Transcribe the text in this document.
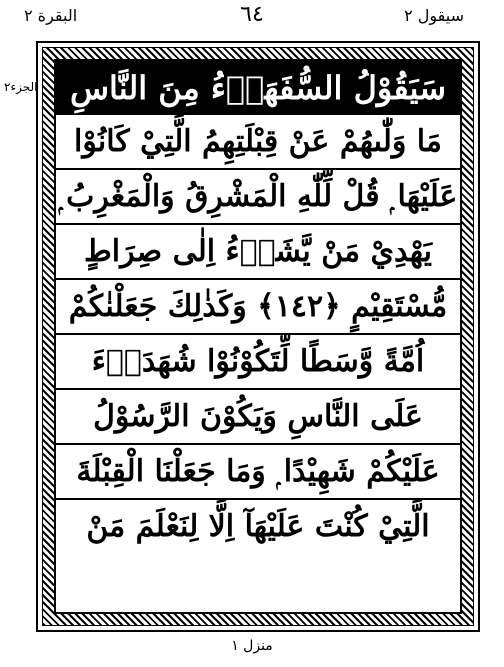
البقرة ٢	٦٤	سیقول ٢
الجزء٢	سَيَقُوْلُ السُّفَهَاۗءُ مِنَ النَّاسِ
مَا وَلّٰىهُمْ عَنْ قِبْلَتِهِمُ الَّتِيْ كَانُوْا
عَلَيْهَا ۭ قُلْ لِّلّٰهِ الْمَشْرِقُ وَالْمَغْرِبُ ۭ
يَهْدِيْ مَنْ يَّشَاۗءُ اِلٰى صِرَاطٍ
مُّسْتَقِيْمٍ ﴿١٤٢﴾ وَكَذٰلِكَ جَعَلْنٰكُمْ
اُمَّةً وَّسَطًا لِّتَكُوْنُوْا شُهَدَاۗءَ
عَلَى النَّاسِ وَيَكُوْنَ الرَّسُوْلُ
عَلَيْكُمْ شَهِيْدًا ۭ وَمَا جَعَلْنَا الْقِبْلَةَ
الَّتِيْ كُنْتَ عَلَيْهَآ اِلَّا لِنَعْلَمَ مَنْ
منزل ١
